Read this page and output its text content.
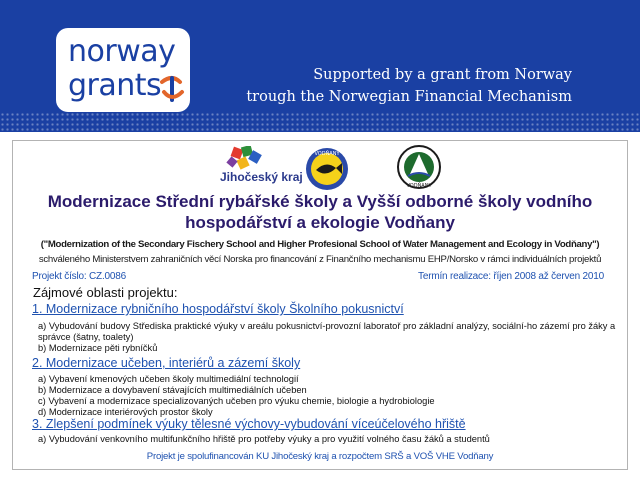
norway
grants	Supported by a grant from Norway
trough the Norwegian Financial Mechanism
Jihočeský kraj
VODŇANY
VODŇANY
Modernizace Střední rybářské školy a Vyšší odborné školy vodního
hospodářství a ekologie Vodňany
("Modernization of the Secondary Fischery School and Higher Profesional School of Water Management and Ecology in Vodňany")
schváleného Ministerstvem zahraničních věcí Norska pro financování z Finančního mechanismu EHP/Norsko v rámci individuálních projektů
Projekt číslo: CZ.0086	Termín realizace: říjen 2008 až červen 2010
Zájmové oblasti projektu:
1. Modernizace rybničního hospodářství školy Školního pokusnictví
a) Vybudování budovy Střediska praktické výuky v areálu pokusnictví-provozní laboratoř pro základní analýzy, sociální-ho zázemí pro žáky a správce (šatny, toalety)
b) Modernizace pěti rybníčků
2. Modernizace učeben, interiérů a zázemí školy
a) Vybavení kmenových učeben školy multimediální technologií
b) Modernizace a dovybavení stávajících multimediálních učeben
c) Vybavení a modernizace specializovaných učeben pro výuku chemie, biologie a hydrobiologie
d) Modernizace interiérových prostor školy
3. Zlepšení podmínek výuky tělesné výchovy-vybudování víceúčelového hřiště
a) Vybudování venkovního multifunkčního hřiště pro potřeby výuky a pro využití volného času žáků a studentů
Projekt je spolufinancován KU Jihočeský kraj a rozpočtem SRŠ a VOŠ VHE Vodňany
